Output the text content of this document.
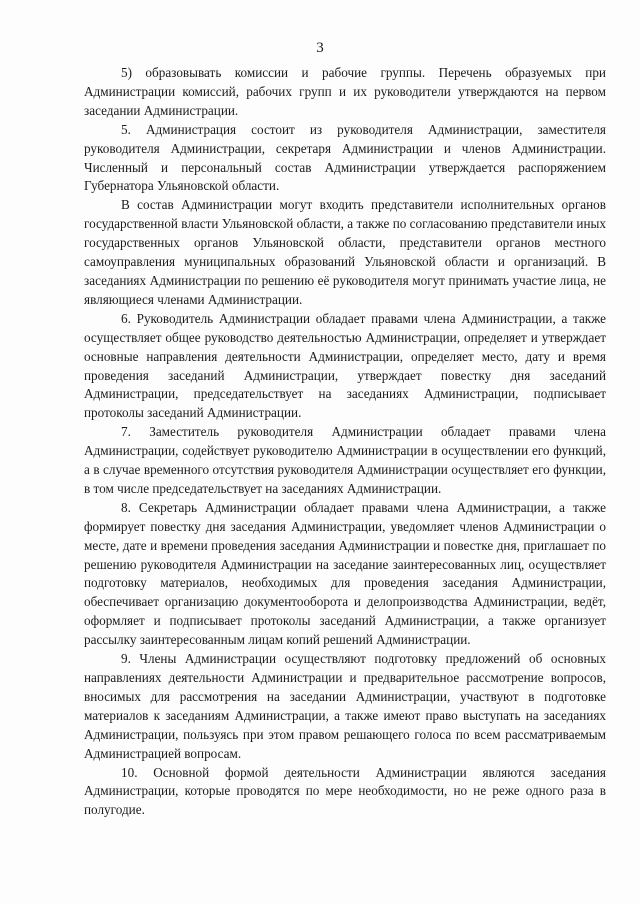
3

5) образовывать комиссии и рабочие группы. Перечень образуемых при Администрации комиссий, рабочих групп и их руководители утверждаются на первом заседании Администрации.

5. Администрация состоит из руководителя Администрации, заместителя руководителя Администрации, секретаря Администрации и членов Администрации. Численный и персональный состав Администрации утверждается распоряжением Губернатора Ульяновской области.

В состав Администрации могут входить представители исполнительных органов государственной власти Ульяновской области, а также по согласованию представители иных государственных органов Ульяновской области, представители органов местного самоуправления муниципальных образований Ульяновской области и организаций. В заседаниях Администрации по решению её руководителя могут принимать участие лица, не являющиеся членами Администрации.

6. Руководитель Администрации обладает правами члена Администрации, а также осуществляет общее руководство деятельностью Администрации, определяет и утверждает основные направления деятельности Администрации, определяет место, дату и время проведения заседаний Администрации, утверждает повестку дня заседаний Администрации, председательствует на заседаниях Администрации, подписывает протоколы заседаний Администрации.

7. Заместитель руководителя Администрации обладает правами члена Администрации, содействует руководителю Администрации в осуществлении его функций, а в случае временного отсутствия руководителя Администрации осуществляет его функции, в том числе председательствует на заседаниях Администрации.

8. Секретарь Администрации обладает правами члена Администрации, а также формирует повестку дня заседания Администрации, уведомляет членов Администрации о месте, дате и времени проведения заседания Администрации и повестке дня, приглашает по решению руководителя Администрации на заседание заинтересованных лиц, осуществляет подготовку материалов, необходимых для проведения заседания Администрации, обеспечивает организацию документооборота и делопроизводства Администрации, ведёт, оформляет и подписывает протоколы заседаний Администрации, а также организует рассылку заинтересованным лицам копий решений Администрации.

9. Члены Администрации осуществляют подготовку предложений об основных направлениях деятельности Администрации и предварительное рассмотрение вопросов, вносимых для рассмотрения на заседании Администрации, участвуют в подготовке материалов к заседаниям Администрации, а также имеют право выступать на заседаниях Администрации, пользуясь при этом правом решающего голоса по всем рассматриваемым Администрацией вопросам.

10. Основной формой деятельности Администрации являются заседания Администрации, которые проводятся по мере необходимости, но не реже одного раза в полугодие.
